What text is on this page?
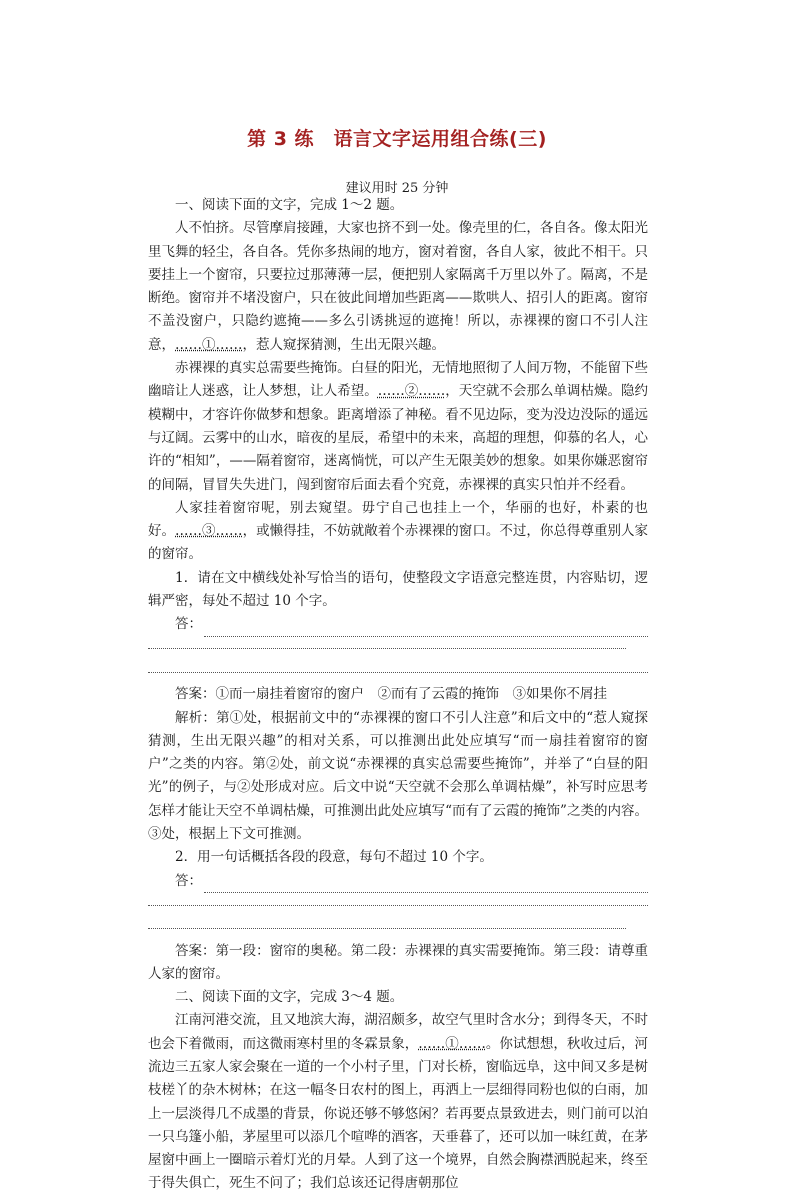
第 3 练　语言文字运用组合练(三)
建议用时 25 分钟

一、阅读下面的文字，完成 1～2 题。

人不怕挤。尽管摩肩接踵，大家也挤不到一处。像壳里的仁，各自各。像太阳光里飞舞的轻尘，各自各。凭你多热闹的地方，窗对着窗，各自人家，彼此不相干。只要挂上一个窗帘，只要拉过那薄薄一层，便把别人家隔离千万里以外了。隔离，不是断绝。窗帘并不堵没窗户，只在彼此间增加些距离——欺哄人、招引人的距离。窗帘不盖没窗户，只隐约遮掩——多么引诱挑逗的遮掩！所以，赤裸裸的窗口不引人注意，……①……，惹人窥探猜测，生出无限兴趣。

赤裸裸的真实总需要些掩饰。白昼的阳光，无情地照彻了人间万物，不能留下些幽暗让人迷惑，让人梦想，让人希望。……②……，天空就不会那么单调枯燥。隐约模糊中，才容许你做梦和想象。距离增添了神秘。看不见边际，变为没边没际的遥远与辽阔。云雾中的山水，暗夜的星辰，希望中的未来，高超的理想，仰慕的名人，心许的“相知”，——隔着窗帘，迷离惝恍，可以产生无限美妙的想象。如果你嫌恶窗帘的间隔，冒冒失失进门，闯到窗帘后面去看个究竟，赤裸裸的真实只怕并不经看。

人家挂着窗帘呢，别去窥望。毋宁自己也挂上一个，华丽的也好，朴素的也好。……③……，或懒得挂，不妨就敞着个赤裸裸的窗口。不过，你总得尊重别人家的窗帘。

1．请在文中横线处补写恰当的语句，使整段文字语意完整连贯，内容贴切，逻辑严密，每处不超过 10 个字。

答：

答案：①而一扇挂着窗帘的窗户　②而有了云霞的掩饰　③如果你不屑挂

解析：第①处，根据前文中的“赤裸裸的窗口不引人注意”和后文中的“惹人窥探猜测，生出无限兴趣”的相对关系，可以推测出此处应填写“而一扇挂着窗帘的窗户”之类的内容。第②处，前文说“赤裸裸的真实总需要些掩饰”，并举了“白昼的阳光”的例子，与②处形成对应。后文中说“天空就不会那么单调枯燥”，补写时应思考怎样才能让天空不单调枯燥，可推测出此处应填写“而有了云霞的掩饰”之类的内容。③处，根据上下文可推测。

2．用一句话概括各段的段意，每句不超过 10 个字。

答：

答案：第一段：窗帘的奥秘。第二段：赤裸裸的真实需要掩饰。第三段：请尊重人家的窗帘。

二、阅读下面的文字，完成 3～4 题。

江南河港交流，且又地滨大海，湖沼颇多，故空气里时含水分；到得冬天，不时也会下着微雨，而这微雨寒村里的冬霖景象，……①……。你试想想，秋收过后，河流边三五家人家会聚在一道的一个小村子里，门对长桥，窗临远阜，这中间又多是树枝槎丫的杂木树林；在这一幅冬日农村的图上，再洒上一层细得同粉也似的白雨，加上一层淡得几不成墨的背景，你说还够不够悠闲？若再要点景致进去，则门前可以泊一只乌篷小船，茅屋里可以添几个喧哗的酒客，天垂暮了，还可以加一味红黄，在茅屋窗中画上一圈暗示着灯光的月晕。人到了这一个境界，自然会胸襟洒脱起来，终至于得失俱亡，死生不问了；我们总该还记得唐朝那位
